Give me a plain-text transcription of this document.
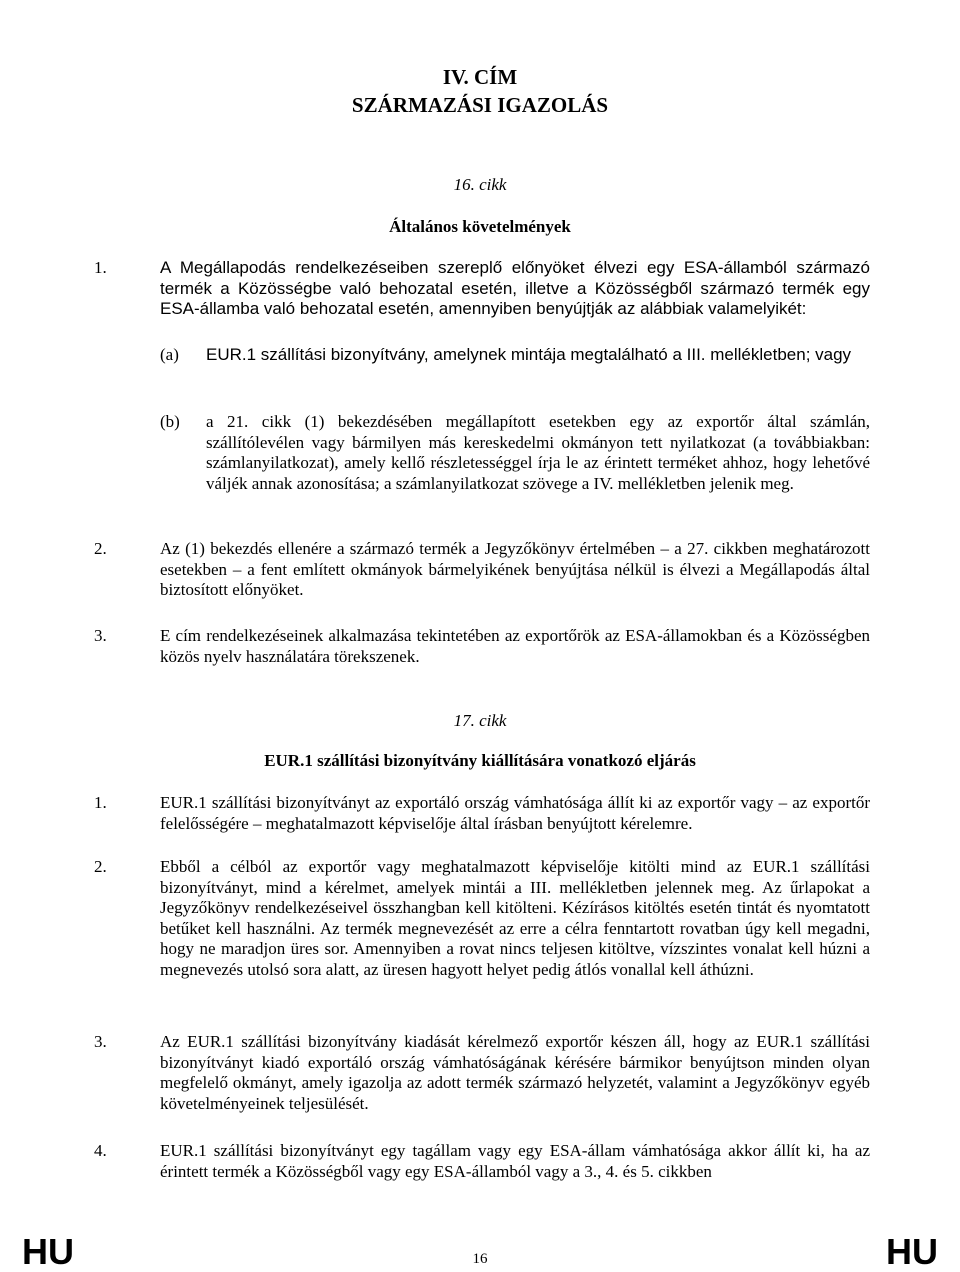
IV. CÍM
SZÁRMAZÁSI IGAZOLÁS
16. cikk
Általános követelmények
1.	A Megállapodás rendelkezéseiben szereplő előnyöket élvezi egy ESA-államból származó termék a Közösségbe való behozatal esetén, illetve a Közösségből származó termék egy ESA-államba való behozatal esetén, amennyiben benyújtják az alábbiak valamelyikét:
(a) EUR.1 szállítási bizonyítvány, amelynek mintája megtalálható a III. mellékletben; vagy
(b) a 21. cikk (1) bekezdésében megállapított esetekben egy az exportőr által számlán, szállítólevélen vagy bármilyen más kereskedelmi okmányon tett nyilatkozat (a továbbiakban: számlanyilatkozat), amely kellő részletességgel írja le az érintett terméket ahhoz, hogy lehetővé váljék annak azonosítása; a számlanyilatkozat szövege a IV. mellékletben jelenik meg.
2.	Az (1) bekezdés ellenére a származó termék a Jegyzőkönyv értelmében – a 27. cikkben meghatározott esetekben – a fent említett okmányok bármelyikének benyújtása nélkül is élvezi a Megállapodás által biztosított előnyöket.
3.	E cím rendelkezéseinek alkalmazása tekintetében az exportőrök az ESA-államokban és a Közösségben közös nyelv használatára törekszenek.
17. cikk
EUR.1 szállítási bizonyítvány kiállítására vonatkozó eljárás
1.	EUR.1 szállítási bizonyítványt az exportáló ország vámhatósága állít ki az exportőr vagy – az exportőr felelősségére – meghatalmazott képviselője által írásban benyújtott kérelemre.
2.	Ebből a célból az exportőr vagy meghatalmazott képviselője kitölti mind az EUR.1 szállítási bizonyítványt, mind a kérelmet, amelyek mintái a III. mellékletben jelennek meg. Az űrlapokat a Jegyzőkönyv rendelkezéseivel összhangban kell kitölteni. Kézírásos kitöltés esetén tintát és nyomtatott betűket kell használni. Az termék megnevezését az erre a célra fenntartott rovatban úgy kell megadni, hogy ne maradjon üres sor. Amennyiben a rovat nincs teljesen kitöltve, vízszintes vonalat kell húzni a megnevezés utolsó sora alatt, az üresen hagyott helyet pedig átlós vonallal kell áthúzni.
3.	Az EUR.1 szállítási bizonyítvány kiadását kérelmező exportőr készen áll, hogy az EUR.1 szállítási bizonyítványt kiadó exportáló ország vámhatóságának kérésére bármikor benyújtson minden olyan megfelelő okmányt, amely igazolja az adott termék származó helyzetét, valamint a Jegyzőkönyv egyéb követelményeinek teljesülését.
4.	EUR.1 szállítási bizonyítványt egy tagállam vagy egy ESA-állam vámhatósága akkor állít ki, ha az érintett termék a Közösségből vagy egy ESA-államból vagy a 3., 4. és 5. cikkben
HU	16	HU
